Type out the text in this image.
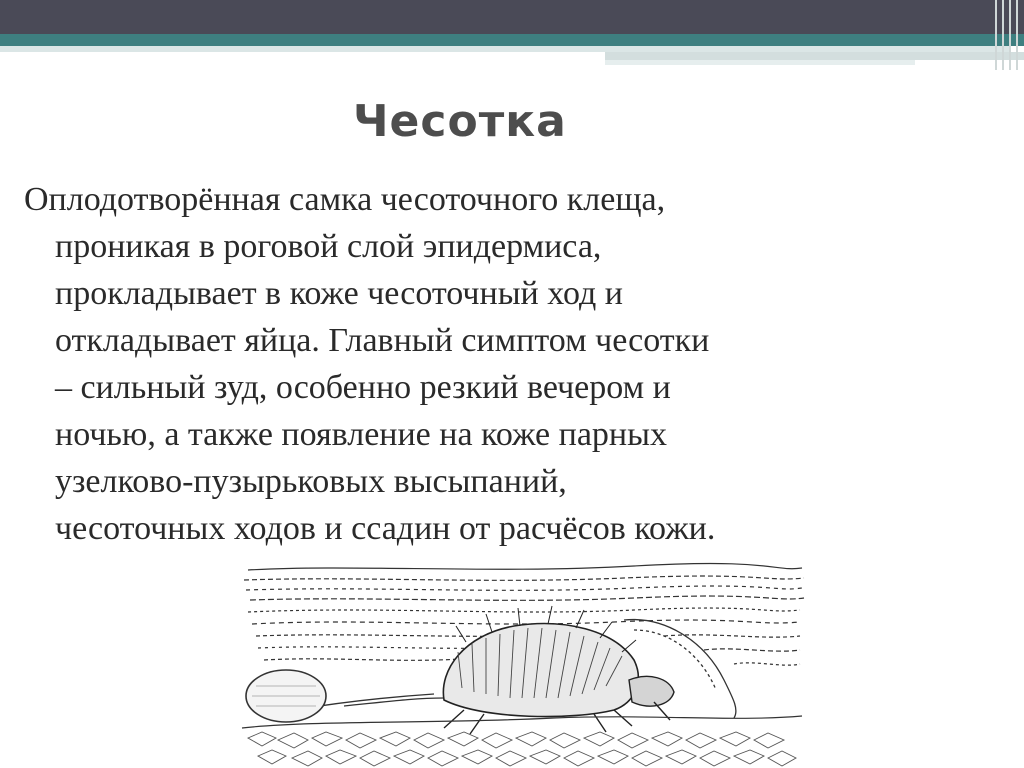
Чесотка
Оплодотворённая самка чесоточного клеща,
проникая в роговой слой эпидермиса,
прокладывает в коже чесоточный ход и
откладывает яйца. Главный симптом чесотки
– сильный зуд, особенно резкий вечером и
ночью, а также появление на коже парных
узелково-пузырьковых высыпаний,
чесоточных ходов и ссадин от расчёсов кожи.
